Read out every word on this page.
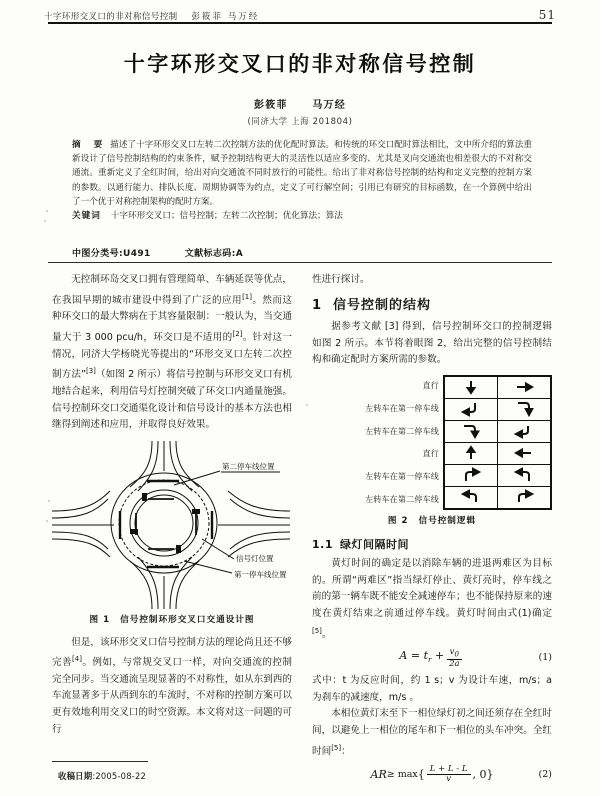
十字环形交叉口的非对称信号控制 彭筱菲 马万经	51
十字环形交叉口的非对称信号控制
彭筱菲 马万经
(同济大学 上海 201804)

摘 要 描述了十字环形交叉口左转二次控制方法的优化配时算法。和传统的环交口配时算法相比，文中所介绍的算法重新设计了信号控制结构的约束条件，赋予控制结构更大的灵活性以适应多变的、尤其是叉向交通流也相差很大的不对称交通流。重新定义了全红时间，给出对向交通流不同时放行的可能性。给出了非对称信号控制的结构和定义完整的控制方案的参数。以通行能力、排队长度、周期协调等为约点，定义了可行解空间；引用已有研究的目标函数，在一个算例中给出了一个优于对称控制架构的配时方案。

关键词 十字环形交叉口；信号控制；左转二次控制；优化算法；算法

中图分类号:U491	文献标志码:A

无控制环岛交叉口拥有管理简单、车辆延误等优点，在我国早期的城市建设中得到了广泛的应用[1]。然而这种环交口的最大弊病在于其容量限制：一般认为，当交通量大于 3 000 pcu/h，环交口是不适用的[2]。针对这一情况，同济大学杨晓光等提出的“环形交叉口左转二次控制方法”[3]（如图 2 所示）将信号控制与环形交叉口有机地结合起来，利用信号灯控制突破了环交口内通量施强。信号控制环交口交通渠化设计和信号设计的基本方法也相继得到阐述和应用，并取得良好效果。

第二停车线位置
信号灯位置
第一停车线位置
图 1 信号控制环形交叉口交通设计图

但是，该环形交叉口信号控制方法的理论尚且还不够完善[4]。例如，与常规交叉口一样，对向交通流的控制完全同步。当交通流呈现显著的不对称性，如从东到西的车流显著多于从西到东的车流时，不对称的控制方案可以更有效地利用交叉口的时空资源。本文将对这一问题的可行

性进行探讨。

1 信号控制的结构

据参考文献 [3] 得到，信号控制环交口的控制逻辑如图 2 所示。本节将着眼图 2，给出完整的信号控制结构和确定配时方案所需的参数。

直行
左转车在第一停车线
左转车在第二停车线
直行
左转车在第一停车线
左转车在第二停车线

图 2 信号控制逻辑
1.1 绿灯间隔时间

黄灯时间的确定是以消除车辆的进退两难区为目标的。所谓“两难区”指当绿灯停止、黄灯亮时，停车线之前的第一辆车既不能安全减速停车；也不能保持原来的速度在黄灯结束之前通过停车线。黄灯时间由式(1)确定[5]。

$A = t_r + \frac{v_0}{2a}$	(1)

式中：t 为反应时间，约 1 s；v 为设计车速，m/s；a 为刹车的减速度，m/s 。

本相位黄灯末至下一相位绿灯初之间还须存在全红时间，以避免上一相位的尾车和下一相位的头车冲突。全红时间[5]：

AR ≥ max { $\frac{L + L - L}{v}$ , 0 }	(2)
收稿日期:2005-08-22
